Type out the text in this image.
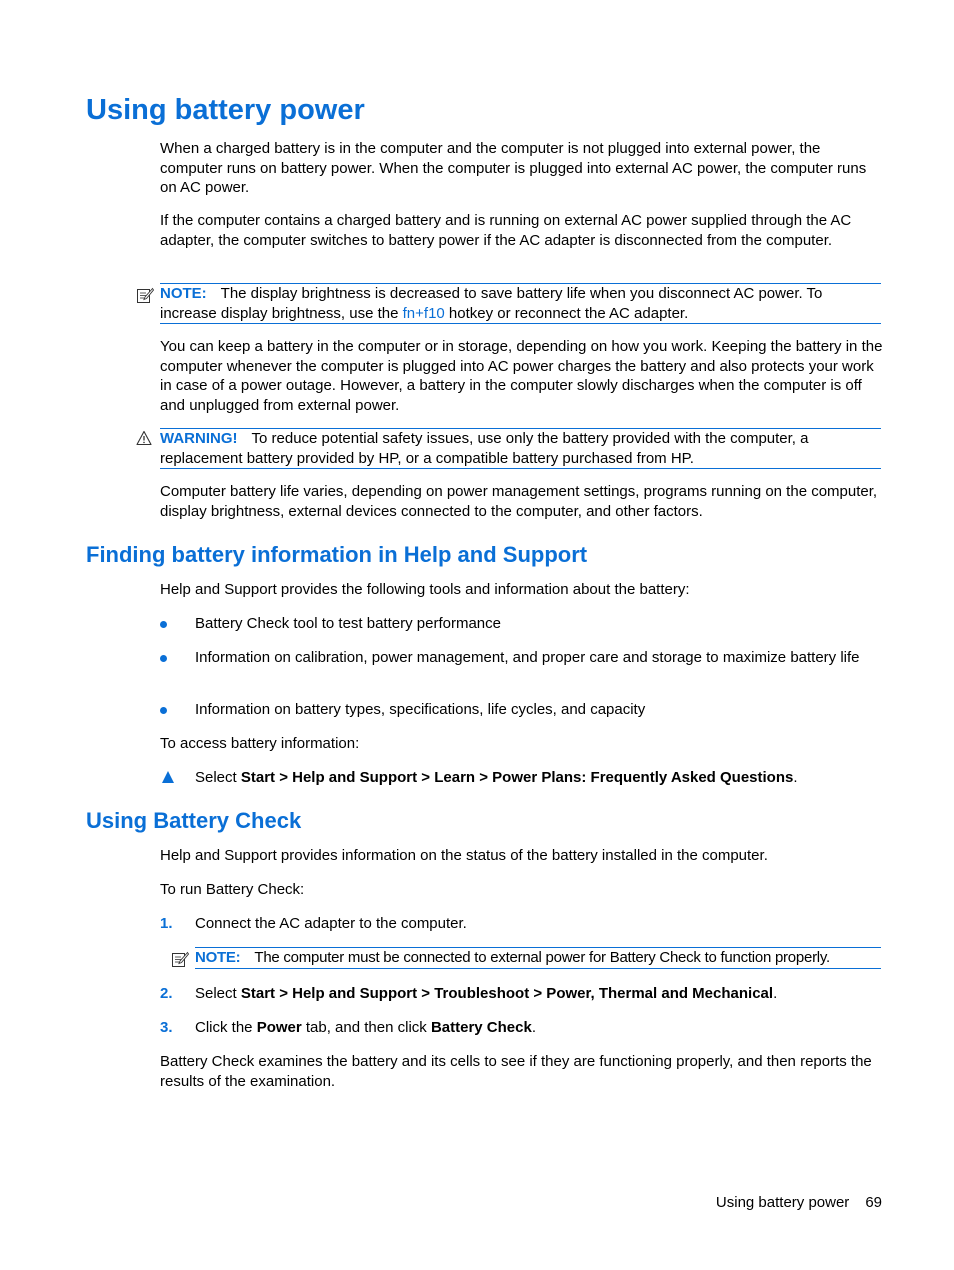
Using battery power

When a charged battery is in the computer and the computer is not plugged into external power, the computer runs on battery power. When the computer is plugged into external AC power, the computer runs on AC power.

If the computer contains a charged battery and is running on external AC power supplied through the AC adapter, the computer switches to battery power if the AC adapter is disconnected from the computer.

NOTE: The display brightness is decreased to save battery life when you disconnect AC power. To increase display brightness, use the fn+f10 hotkey or reconnect the AC adapter.

You can keep a battery in the computer or in storage, depending on how you work. Keeping the battery in the computer whenever the computer is plugged into AC power charges the battery and also protects your work in case of a power outage. However, a battery in the computer slowly discharges when the computer is off and unplugged from external power.

WARNING! To reduce potential safety issues, use only the battery provided with the computer, a replacement battery provided by HP, or a compatible battery purchased from HP.

Computer battery life varies, depending on power management settings, programs running on the computer, display brightness, external devices connected to the computer, and other factors.

Finding battery information in Help and Support

Help and Support provides the following tools and information about the battery:

Battery Check tool to test battery performance
Information on calibration, power management, and proper care and storage to maximize battery life
Information on battery types, specifications, life cycles, and capacity

To access battery information:

Select Start > Help and Support > Learn > Power Plans: Frequently Asked Questions.
Using Battery Check

Help and Support provides information on the status of the battery installed in the computer.

To run Battery Check:

1. Connect the AC adapter to the computer.
NOTE: The computer must be connected to external power for Battery Check to function properly.
2. Select Start > Help and Support > Troubleshoot > Power, Thermal and Mechanical.
3. Click the Power tab, and then click Battery Check.

Battery Check examines the battery and its cells to see if they are functioning properly, and then reports the results of the examination.

Using battery power 69
